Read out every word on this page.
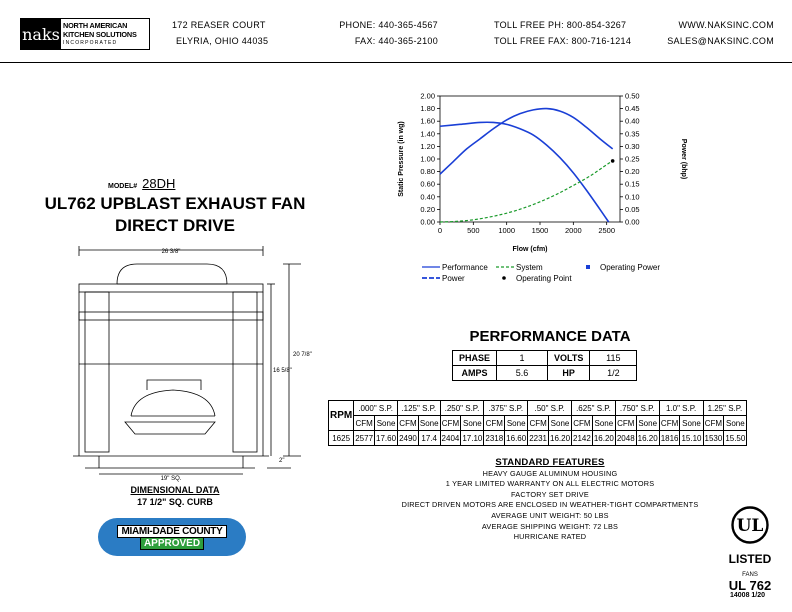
naks NORTH AMERICAN
KITCHEN SOLUTIONS
INCORPORATED
172 REASER COURT
ELYRIA, OHIO 44035
PHONE: 440-365-4567
FAX: 440-365-2100
TOLL FREE PH: 800-854-3267
TOLL FREE FAX: 800-716-1214
WWW.NAKSINC.COM
SALES@NAKSINC.COM
MODEL# 28DH
UL762 UPBLAST EXHAUST FAN
DIRECT DRIVE
26 3/8"
20 7/8"
16 5/8"
19" SQ.
2"
DIMENSIONAL DATA
17 1/2" SQ. CURB
MIAMI-DADE COUNTY
APPROVED
0.00
0.20
0.40
0.60
0.80
1.00
1.20
1.40
1.60
1.80
2.00
0.00
0.05
0.10
0.15
0.20
0.25
0.30
0.35
0.40
0.45
0.50
0	500 1000 1500 2000 2500
Flow (cfm)
Static Pressure (in wg)	Power (bhp)
Performance	System	Operating Power
Power	Operating Point
PERFORMANCE DATA
PHASE	1	VOLTS	115
AMPS	5.6	HP	1/2
RPM	.000" S.P.		.125" S.P.		.250" S.P.		.375" S.P.		.50" S.P.		.625" S.P.		.750" S.P.		1.0" S.P.		1.25" S.P.	
	CFM	Sone	CFM	Sone	CFM	Sone	CFM	Sone	CFM	Sone	CFM	Sone	CFM	Sone	CFM	Sone	CFM	Sone
1625	2577	17.60	2490	17.4	2404	17.10	2318	16.60	2231	16.20	2142	16.20	2048	16.20	1816	15.10	1530	15.50
STANDARD FEATURES
HEAVY GAUGE ALUMINUM HOUSING
1 YEAR LIMITED WARRANTY ON ALL ELECTRIC MOTORS
FACTORY SET DRIVE
DIRECT DRIVEN MOTORS ARE ENCLOSED IN WEATHER-TIGHT COMPARTMENTS
AVERAGE UNIT WEIGHT: 50 LBS
AVERAGE SHIPPING WEIGHT: 72 LBS
HURRICANE RATED
UL
LISTED
FANS
UL 762
14008 1/20
